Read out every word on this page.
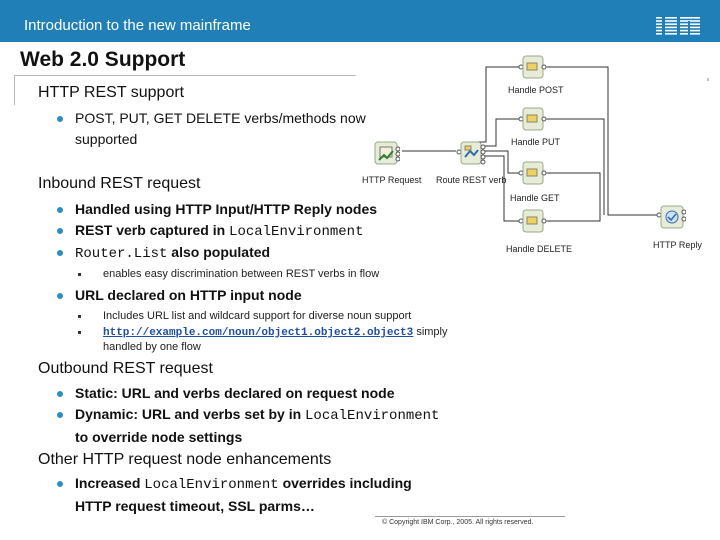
Introduction to the new mainframe
Web 2.0 Support
HTTP REST support
POST, PUT, GET DELETE verbs/methods now
supported
Inbound REST request
Handled using HTTP Input/HTTP Reply nodes
REST verb captured in LocalEnvironment
Router.List also populated
enables easy discrimination between REST verbs in flow
URL declared on HTTP input node
Includes URL list and wildcard support for diverse noun support
http://example.com/noun/object1.object2.object3 simply
handled by one flow
Outbound REST request
Static: URL and verbs declared on request node
Dynamic: URL and verbs set by in LocalEnvironment
to override node settings
Other HTTP request node enhancements
Increased LocalEnvironment overrides including
HTTP request timeout, SSL parms…
HTTP Request Route REST verb
Handle POST
Handle PUT
Handle GET
Handle DELETE	HTTP Reply
© Copyright IBM Corp., 2005. All rights reserved.
